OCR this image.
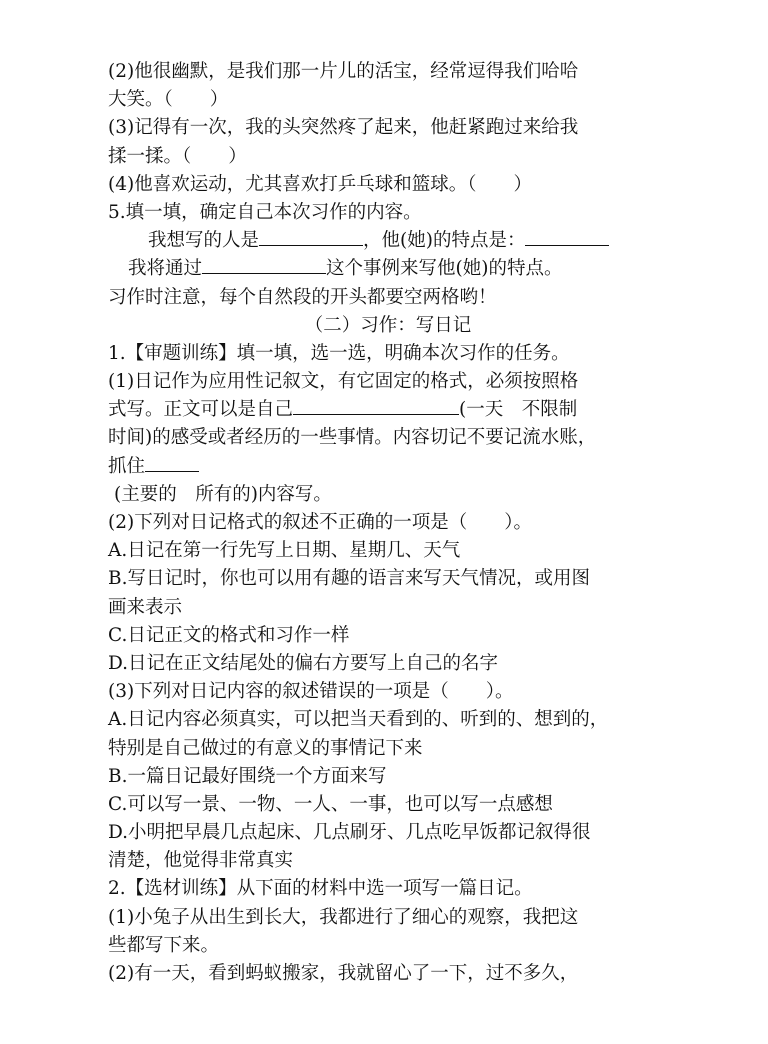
(2)他很幽默，是我们那一片儿的活宝，经常逗得我们哈哈
大笑。（　　）
(3)记得有一次，我的头突然疼了起来，他赶紧跑过来给我
揉一揉。（　　）
(4)他喜欢运动，尤其喜欢打乒乓球和篮球。（　　）
5.填一填，确定自己本次习作的内容。
我想写的人是	，他(她)的特点是：
我将通过	这个事例来写他(她)的特点。
习作时注意，每个自然段的开头都要空两格哟！
（二）习作：写日记
1.【审题训练】填一填，选一选，明确本次习作的任务。
(1)日记作为应用性记叙文，有它固定的格式，必须按照格
式写。正文可以是自己	(一天　不限制
时间)的感受或者经历的一些事情。内容切记不要记流水账，
抓住
(主要的　所有的)内容写。
(2)下列对日记格式的叙述不正确的一项是（　　）。
A.日记在第一行先写上日期、星期几、天气
B.写日记时，你也可以用有趣的语言来写天气情况，或用图
画来表示
C.日记正文的格式和习作一样
D.日记在正文结尾处的偏右方要写上自己的名字
(3)下列对日记内容的叙述错误的一项是（　　）。
A.日记内容必须真实，可以把当天看到的、听到的、想到的，
特别是自己做过的有意义的事情记下来
B.一篇日记最好围绕一个方面来写
C.可以写一景、一物、一人、一事，也可以写一点感想
D.小明把早晨几点起床、几点刷牙、几点吃早饭都记叙得很
清楚，他觉得非常真实
2.【选材训练】从下面的材料中选一项写一篇日记。
(1)小兔子从出生到长大，我都进行了细心的观察，我把这
些都写下来。
(2)有一天，看到蚂蚁搬家，我就留心了一下，过不多久，
